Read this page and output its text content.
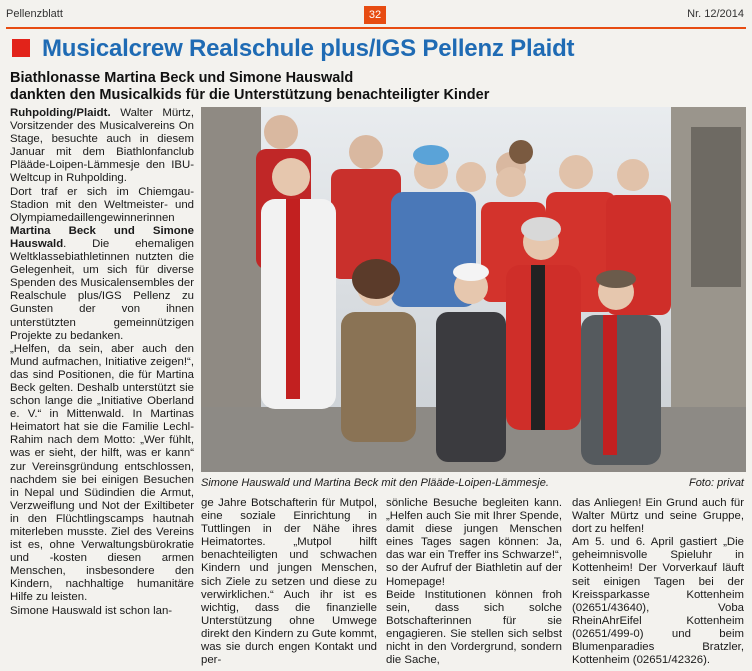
Pellenzblatt	32	Nr. 12/2014
Musicalcrew Realschule plus/IGS Pellenz Plaidt
Biathlonasse Martina Beck und Simone Hauswald
dankten den Musicalkids für die Unterstützung benachteiligter Kinder

Ruhpolding/Plaidt. Walter Mürtz, Vorsitzender des Musicalvereins On Stage, besuchte auch in diesem Januar mit dem Biathlonfanclub Plääde-Loipen-Lämmesje den IBU-Weltcup in Ruhpolding.

Dort traf er sich im Chiemgau-Stadion mit den Weltmeister- und Olympiamedaillengewinnerinnen Martina Beck und Simone Hauswald. Die ehemaligen Weltklassebiathletinnen nutzten die Gelegenheit, um sich für diverse Spenden des Musicalensembles der Realschule plus/IGS Pellenz zu Gunsten der von ihnen unterstützten gemeinnützigen Projekte zu bedanken.

„Helfen, da sein, aber auch den Mund aufmachen, Initiative zeigen!“, das sind Positionen, die für Martina Beck gelten. Deshalb unterstützt sie schon lange die „Initiative Oberland e. V.“ in Mittenwald. In Martinas Heimatort hat sie die Familie Lechl-Rahim nach dem Motto: „Wer fühlt, was er sieht, der hilft, was er kann“ zur Vereinsgründung entschlossen, nachdem sie bei einigen Besuchen in Nepal und Südindien die Armut, Verzweiflung und Not der Exiltibeter in den Flüchtlingscamps hautnah miterleben musste. Ziel des Vereins ist es, ohne Verwaltungsbürokratie und -kosten diesen armen Menschen, insbesondere den Kindern, nachhaltige humanitäre Hilfe zu leisten.

Simone Hauswald ist schon lan-

Simone Hauswald und Martina Beck mit den Plääde-Loipen-Lämmesje.	Foto: privat

ge Jahre Botschafterin für Mutpol, eine soziale Einrichtung in Tuttlingen in der Nähe ihres Heimatortes. „Mutpol hilft benachteiligten und schwachen Kindern und jungen Menschen, sich Ziele zu setzen und diese zu verwirklichen.“ Auch ihr ist es wichtig, dass die finanzielle Unterstützung ohne Umwege direkt den Kindern zu Gute kommt, was sie durch engen Kontakt und per-

sönliche Besuche begleiten kann. „Helfen auch Sie mit Ihrer Spende, damit diese jungen Menschen eines Tages sagen können: Ja, das war ein Treffer ins Schwarze!“, so der Aufruf der Biathletin auf der Homepage!

Beide Institutionen können froh sein, dass sich solche Botschafterinnen für sie engagieren. Sie stellen sich selbst nicht in den Vordergrund, sondern die Sache,

das Anliegen! Ein Grund auch für Walter Mürtz und seine Gruppe, dort zu helfen!

Am 5. und 6. April gastiert „Die geheimnisvolle Spieluhr in Kottenheim! Der Vorverkauf läuft seit einigen Tagen bei der Kreissparkasse Kottenheim (02651/43640), Voba RheinAhrEifel Kottenheim (02651/499-0) und beim Blumenparadies Bratzler, Kottenheim (02651/42326).
